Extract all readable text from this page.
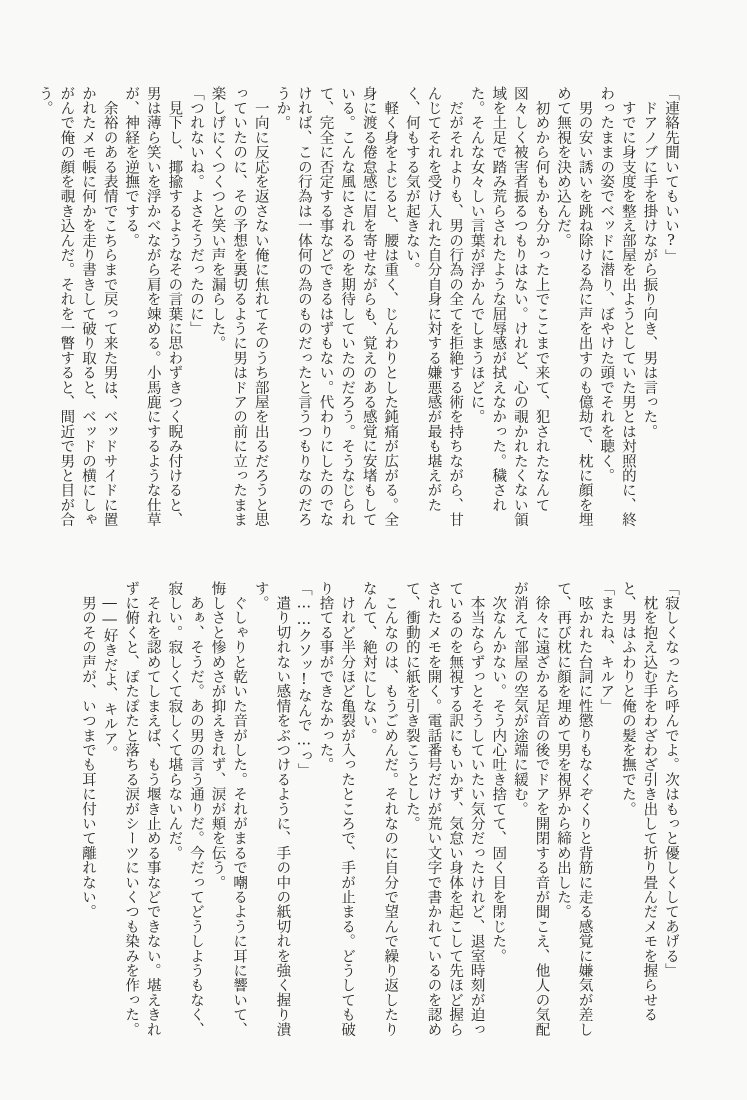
「連絡先聞いてもいい?」

　ドアノブに手を掛けながら振り向き、男は言った。

　すでに身支度を整え部屋を出ようとしていた男とは対照的に、終わったままの姿でベッドに潜り、ぼやけた頭でそれを聴く。

　男の安い誘いを跳ね除ける為に声を出すのも億劫で、枕に顔を埋めて無視を決め込んだ。

　初めから何もかも分かった上でここまで来て、犯されたなんて図々しく被害者振るつもりはない。けれど、心の覗かれたくない領域を土足で踏み荒らされたような屈辱感が拭えなかった。穢された。そんな女々しい言葉が浮かんでしまうほどに。

　だがそれよりも、男の行為の全てを拒絶する術を持ちながら、甘んじてそれを受け入れた自分自身に対する嫌悪感が最も堪えがたく、何もする気が起きない。

　軽く身をよじると、腰は重く、じんわりとした鈍痛が広がる。全身に渡る倦怠感に眉を寄せながらも、覚えのある感覚に安堵もしている。こんな風にされるのを期待していたのだろう。そうなじられて、完全に否定する事などできるはずもない。代わりにしたのでなければ、この行為は一体何の為のものだったと言うつもりなのだろうか。

　一向に反応を返さない俺に焦れてそのうち部屋を出るだろうと思っていたのに、その予想を裏切るように男はドアの前に立ったまま楽しげにくつくつと笑い声を漏らした。

「つれないね。よさそうだったのに」

　見下し、揶揄するようなその言葉に思わずきつく睨み付けると、男は薄ら笑いを浮かべながら肩を竦める。小馬鹿にするような仕草が、神経を逆撫でする。

　余裕のある表情でこちらまで戻って来た男は、ベッドサイドに置かれたメモ帳に何かを走り書きして破り取ると、ベッドの横にしゃがんで俺の顔を覗き込んだ。それを一瞥すると、間近で男と目が合う。

「寂しくなったら呼んでよ。次はもっと優しくしてあげる」

　枕を抱え込む手をわざわざ引き出して折り畳んだメモを握らせると、男はふわりと俺の髪を撫でた。

「またね、キルア」

　呟かれた台詞に性懲りもなくぞくりと背筋に走る感覚に嫌気が差して、再び枕に顔を埋めて男を視界から締め出した。

　徐々に遠ざかる足音の後でドアを開閉する音が聞こえ、他人の気配が消えて部屋の空気が途端に緩む。

　次なんかない。そう内心吐き捨てて、固く目を閉じた。

　本当ならずっとそうしていたい気分だったけれど、退室時刻が迫っているのを無視する訳にもいかず、気怠い身体を起こして先ほど握らされたメモを開く。電話番号だけが荒い文字で書かれているのを認めて、衝動的に紙を引き裂こうとした。

　こんなのは、もうごめんだ。それなのに自分で望んで繰り返したりなんて、絶対にしない。

　けれど半分ほど亀裂が入ったところで、手が止まる。どうしても破り捨てる事ができなかった。

「……クソッ!なんで…っ」

　遣り切れない感情をぶつけるように、手の中の紙切れを強く握り潰す。

　ぐしゃりと乾いた音がした。それがまるで嘲るように耳に響いて、悔しさと惨めさが抑えきれず、涙が頬を伝う。

　あぁ、そうだ。あの男の言う通りだ。今だってどうしようもなく、寂しい。寂しくて寂しくて堪らないんだ。

　それを認めてしまえば、もう堰き止める事などできない。堪えきれずに俯くと、ぽたぽたと落ちる涙がシーツにいくつも染みを作った。

　――好きだよ、キルア。

　男のその声が、いつまでも耳に付いて離れない。
